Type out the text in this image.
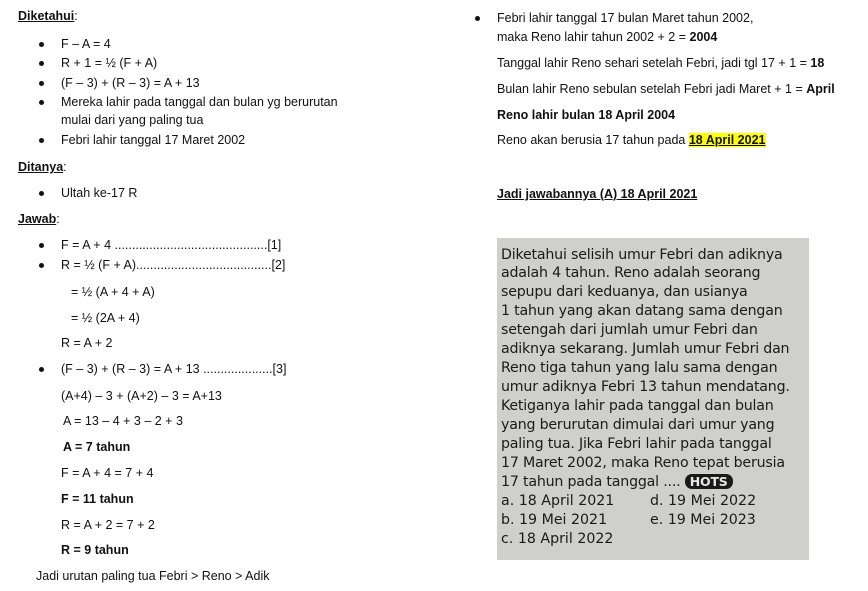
Diketahui:
F – A = 4
R + 1 = ½ (F + A)
(F – 3) + (R – 3) = A + 13
Mereka lahir pada tanggal dan bulan yg berurutan
mulai dari yang paling tua
Febri lahir tanggal 17 Maret 2002
Ditanya:
Ultah ke-17 R
Jawab:
F = A + 4 ............................................[1]
R = ½ (F + A).......................................[2]
= ½ (A + 4 + A)
= ½ (2A + 4)
R = A + 2
(F – 3) + (R – 3) = A + 13 ....................[3]
(A+4) – 3 + (A+2) – 3 = A+13
A = 13 – 4 + 3 – 2 + 3
A = 7 tahun
F = A + 4 = 7 + 4
F = 11 tahun
R = A + 2 = 7 + 2
R = 9 tahun
Jadi urutan paling tua Febri > Reno > Adik
Febri lahir tanggal 17 bulan Maret tahun 2002,
maka Reno lahir tahun 2002 + 2 = 2004
Tanggal lahir Reno sehari setelah Febri, jadi tgl 17 + 1 = 18
Bulan lahir Reno sebulan setelah Febri jadi Maret + 1 = April
Reno lahir bulan 18 April 2004
Reno akan berusia 17 tahun pada 18 April 2021
Jadi jawabannya (A) 18 April 2021
Diketahui selisih umur Febri dan adiknya
adalah 4 tahun. Reno adalah seorang
sepupu dari keduanya, dan usianya
1 tahun yang akan datang sama dengan
setengah dari jumlah umur Febri dan
adiknya sekarang. Jumlah umur Febri dan
Reno tiga tahun yang lalu sama dengan
umur adiknya Febri 13 tahun mendatang.
Ketiganya lahir pada tanggal dan bulan
yang berurutan dimulai dari umur yang
paling tua. Jika Febri lahir pada tanggal
17 Maret 2002, maka Reno tepat berusia
17 tahun pada tanggal .... HOTS
a. 18 April 2021	d. 19 Mei 2022
b. 19 Mei 2021	e. 19 Mei 2023
c. 18 April 2022
